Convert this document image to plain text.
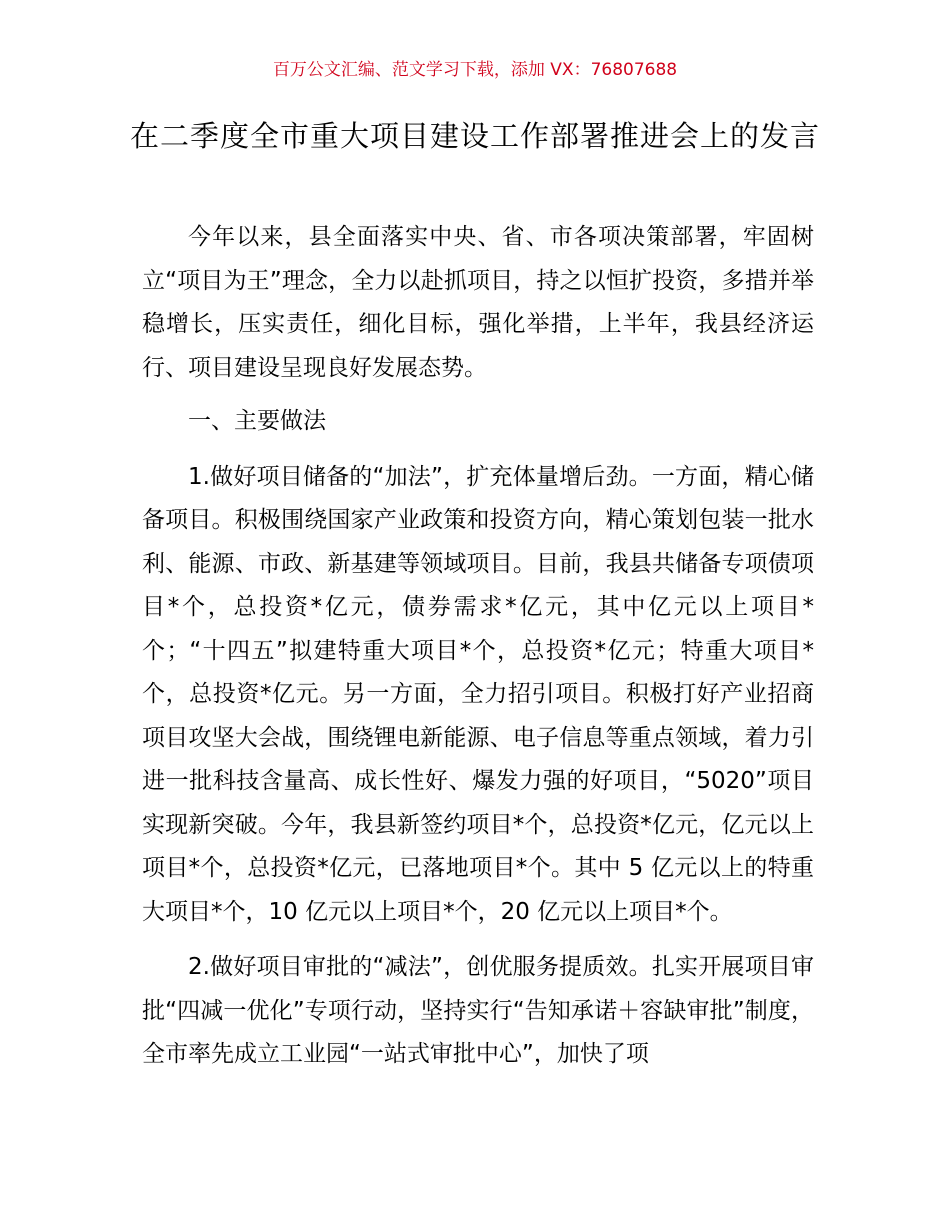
百万公文汇编、范文学习下载，添加 VX：76807688
在二季度全市重大项目建设工作部署推进会上的发言

今年以来，县全面落实中央、省、市各项决策部署，牢固树立“项目为王”理念，全力以赴抓项目，持之以恒扩投资，多措并举稳增长，压实责任，细化目标，强化举措，上半年，我县经济运行、项目建设呈现良好发展态势。

一、主要做法

1.做好项目储备的“加法”，扩充体量增后劲。一方面，精心储备项目。积极围绕国家产业政策和投资方向，精心策划包装一批水利、能源、市政、新基建等领域项目。目前，我县共储备专项债项目*个，总投资*亿元，债券需求*亿元，其中亿元以上项目*个；“十四五”拟建特重大项目*个，总投资*亿元；特重大项目*个，总投资*亿元。另一方面，全力招引项目。积极打好产业招商项目攻坚大会战，围绕锂电新能源、电子信息等重点领域，着力引进一批科技含量高、成长性好、爆发力强的好项目，“5020”项目实现新突破。今年，我县新签约项目*个，总投资*亿元，亿元以上项目*个，总投资*亿元，已落地项目*个。其中 5 亿元以上的特重大项目*个，10 亿元以上项目*个，20 亿元以上项目*个。

2.做好项目审批的“减法”，创优服务提质效。扎实开展项目审批“四减一优化”专项行动，坚持实行“告知承诺＋容缺审批”制度，全市率先成立工业园“一站式审批中心”，加快了项
